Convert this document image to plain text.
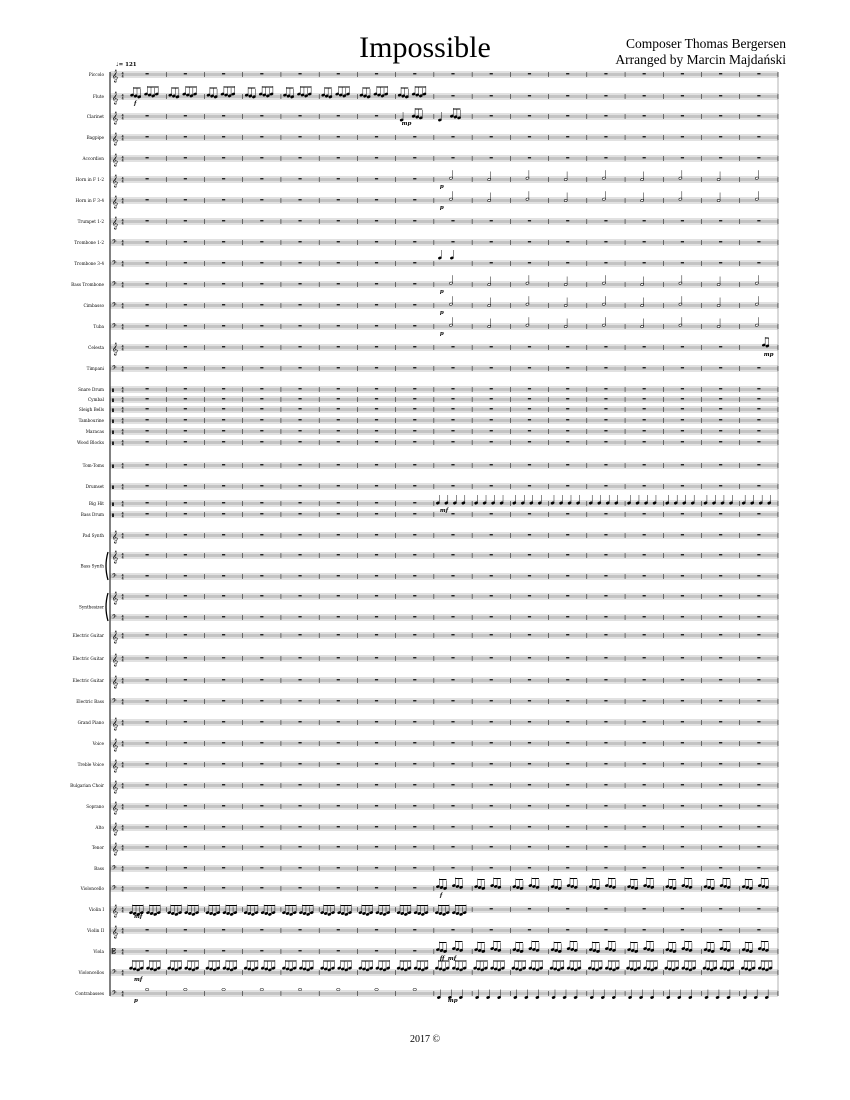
Impossible	Composer Thomas Bergersen
Arranged by Marcin Majdański
♩= 121
Piccolo
Flute
Clarinet
Bagpipe
Accordion
Horn in F 1-2
Horn in F 3-4
Trumpet 1-2
Trombone 1-2
Trombone 3-4
Bass Trombone
Cimbasso
Tuba
Celesta
Timpani
Snare Drum
Cymbal
Sleigh Bells
Tambourine
Maracas
Wood Blocks
Tom-Toms
Drumset
Big Hit
Bass Drum
Pad Synth
Bass Synth
Synthesizer
Electric Guitar
Electric Guitar
Electric Guitar
Electric Bass
Grand Piano
Voice
Treble Voice
Bulgarian Choir
Soprano
Alto
Tenor
Bass
Violoncello
Violin I
Violin II
Viola
Violoncellos
Contrabasses
𝄞 4
4
𝄞 4
4
f
𝄞 4
4
mp
𝄞 4
4
𝄞 4
4
𝄞 4
4
p
𝄞 4
4
p
𝄞 4
4
𝄢 4
4
𝄢 4
4
𝄢 4
4
p
𝄢 4
4
p
𝄢 4
4
p
𝄞 4
4
mp
𝄢 4
4
▮ 4
4
▮ 4
4
▮ 4
4
▮ 4
4
▮ 4
4
▮ 4
4
▮ 4
4
▮ 4
4
▮ 4
4
mf
▮ 4
4
𝄞 4
4
𝄞 4
4
𝄢 4
4
𝄞 4
4
𝄢 4
4
𝄞 4
4
𝄞 4
4
𝄞 4
4
𝄢 4
4
𝄞 4
4
𝄞 4
4
𝄞 4
4
𝄞 4
4
𝄞 4
4
𝄞 4
4
𝄞 4
4
𝄢 4
4
𝄢 4
4
f
𝄞 4
4
mf
𝄞 4
4
𝄡 4
4
ff mf
𝄢 4
4
mf
𝄢 4
4
p	mp
2017 ©
